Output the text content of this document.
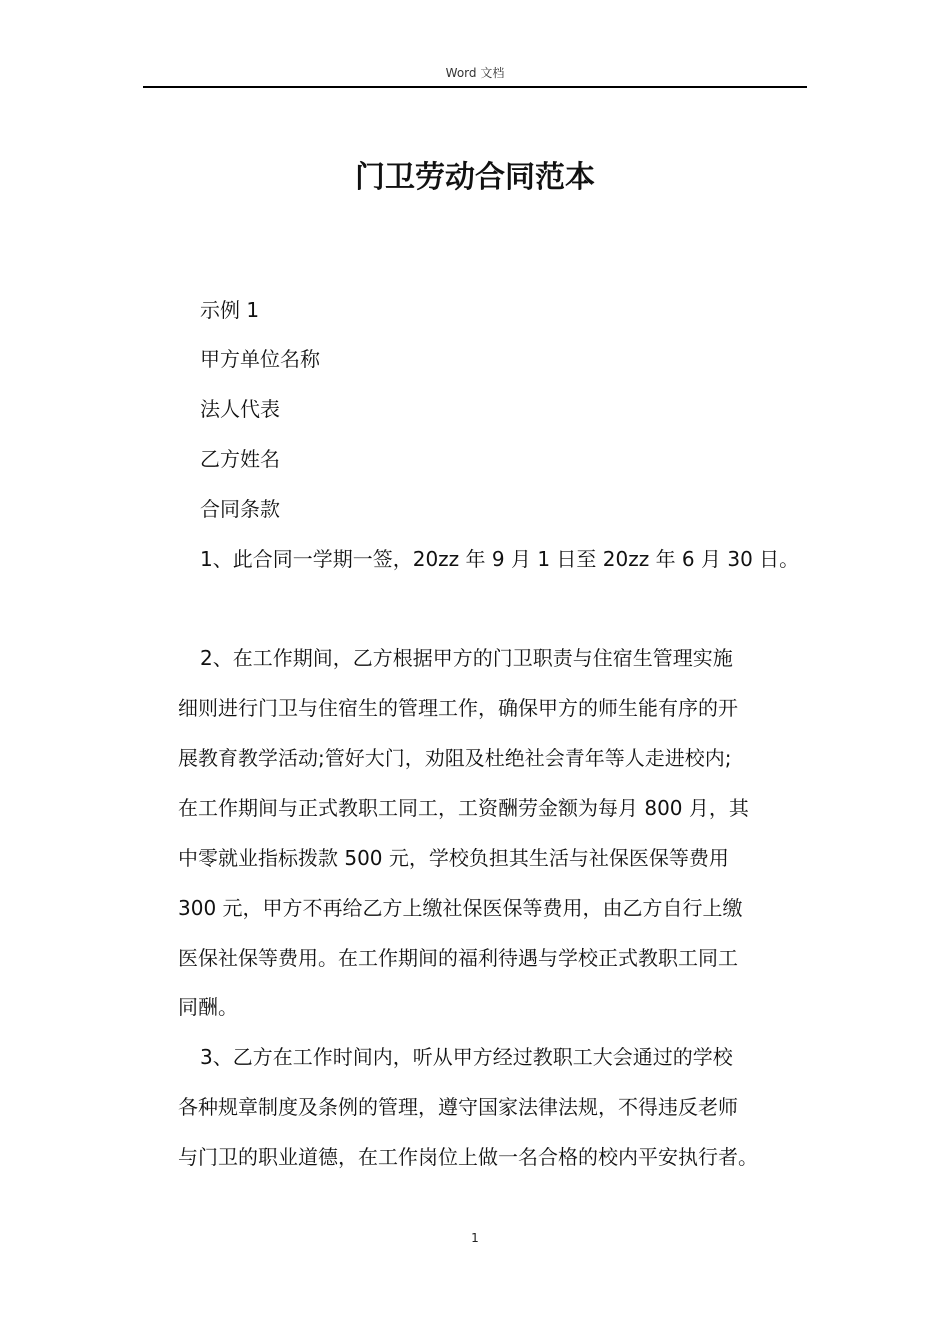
Word 文档
门卫劳动合同范本
示例 1
甲方单位名称
法人代表
乙方姓名
合同条款
1、此合同一学期一签，20zz 年 9 月 1 日至 20zz 年 6 月 30 日。
2、在工作期间，乙方根据甲方的门卫职责与住宿生管理实施
细则进行门卫与住宿生的管理工作，确保甲方的师生能有序的开
展教育教学活动;管好大门，劝阻及杜绝社会青年等人走进校内;
在工作期间与正式教职工同工，工资酬劳金额为每月 800 月，其
中零就业指标拨款 500 元，学校负担其生活与社保医保等费用
300 元，甲方不再给乙方上缴社保医保等费用，由乙方自行上缴
医保社保等费用。在工作期间的福利待遇与学校正式教职工同工
同酬。
3、乙方在工作时间内，听从甲方经过教职工大会通过的学校
各种规章制度及条例的管理，遵守国家法律法规，不得违反老师
与门卫的职业道德，在工作岗位上做一名合格的校内平安执行者。
1
